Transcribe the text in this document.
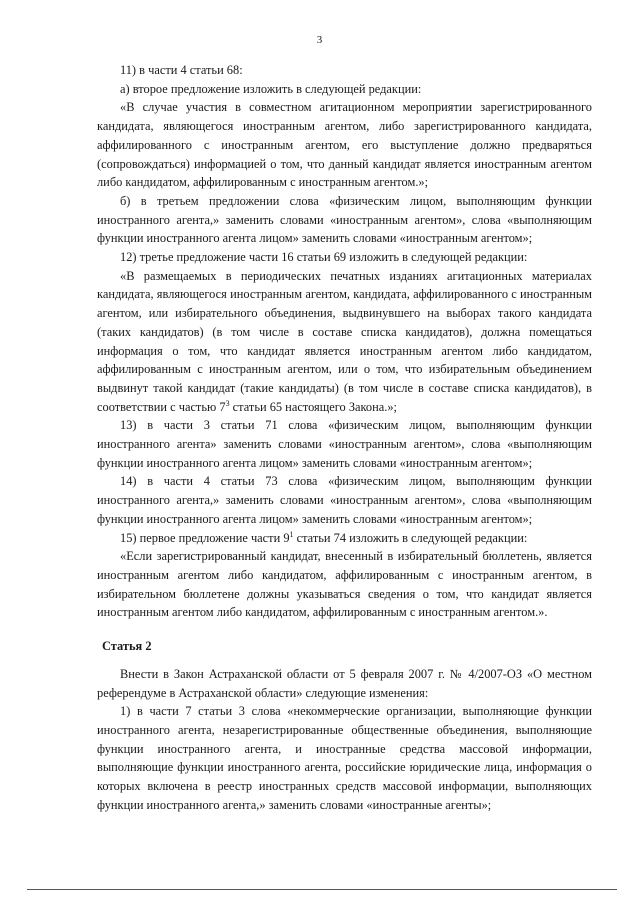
3

11) в части 4 статьи 68:

а) второе предложение изложить в следующей редакции:

«В случае участия в совместном агитационном мероприятии зарегистрированного кандидата, являющегося иностранным агентом, либо зарегистрированного кандидата, аффилированного с иностранным агентом, его выступление должно предваряться (сопровождаться) информацией о том, что данный кандидат является иностранным агентом либо кандидатом, аффилированным с иностранным агентом.»;

б) в третьем предложении слова «физическим лицом, выполняющим функции иностранного агента,» заменить словами «иностранным агентом», слова «выполняющим функции иностранного агента лицом» заменить словами «иностранным агентом»;

12) третье предложение части 16 статьи 69 изложить в следующей редакции:

«В размещаемых в периодических печатных изданиях агитационных материалах кандидата, являющегося иностранным агентом, кандидата, аффилированного с иностранным агентом, или избирательного объединения, выдвинувшего на выборах такого кандидата (таких кандидатов) (в том числе в составе списка кандидатов), должна помещаться информация о том, что кандидат является иностранным агентом либо кандидатом, аффилированным с иностранным агентом, или о том, что избирательным объединением выдвинут такой кандидат (такие кандидаты) (в том числе в составе списка кандидатов), в соответствии с частью $7^3$ статьи 65 настоящего Закона.»;

13) в части 3 статьи 71 слова «физическим лицом, выполняющим функции иностранного агента» заменить словами «иностранным агентом», слова «выполняющим функции иностранного агента лицом» заменить словами «иностранным агентом»;

14) в части 4 статьи 73 слова «физическим лицом, выполняющим функции иностранного агента,» заменить словами «иностранным агентом», слова «выполняющим функции иностранного агента лицом» заменить словами «иностранным агентом»;

15) первое предложение части $9^1$ статьи 74 изложить в следующей редакции:

«Если зарегистрированный кандидат, внесенный в избирательный бюллетень, является иностранным агентом либо кандидатом, аффилированным с иностранным агентом, в избирательном бюллетене должны указываться сведения о том, что кандидат является иностранным агентом либо кандидатом, аффилированным с иностранным агентом.».

Статья 2

Внести в Закон Астраханской области от 5 февраля 2007 г. № 4/2007-ОЗ «О местном референдуме в Астраханской области» следующие изменения:

1) в части 7 статьи 3 слова «некоммерческие организации, выполняющие функции иностранного агента, незарегистрированные общественные объединения, выполняющие функции иностранного агента, и иностранные средства массовой информации, выполняющие функции иностранного агента, российские юридические лица, информация о которых включена в реестр иностранных средств массовой информации, выполняющих функции иностранного агента,» заменить словами «иностранные агенты»;
